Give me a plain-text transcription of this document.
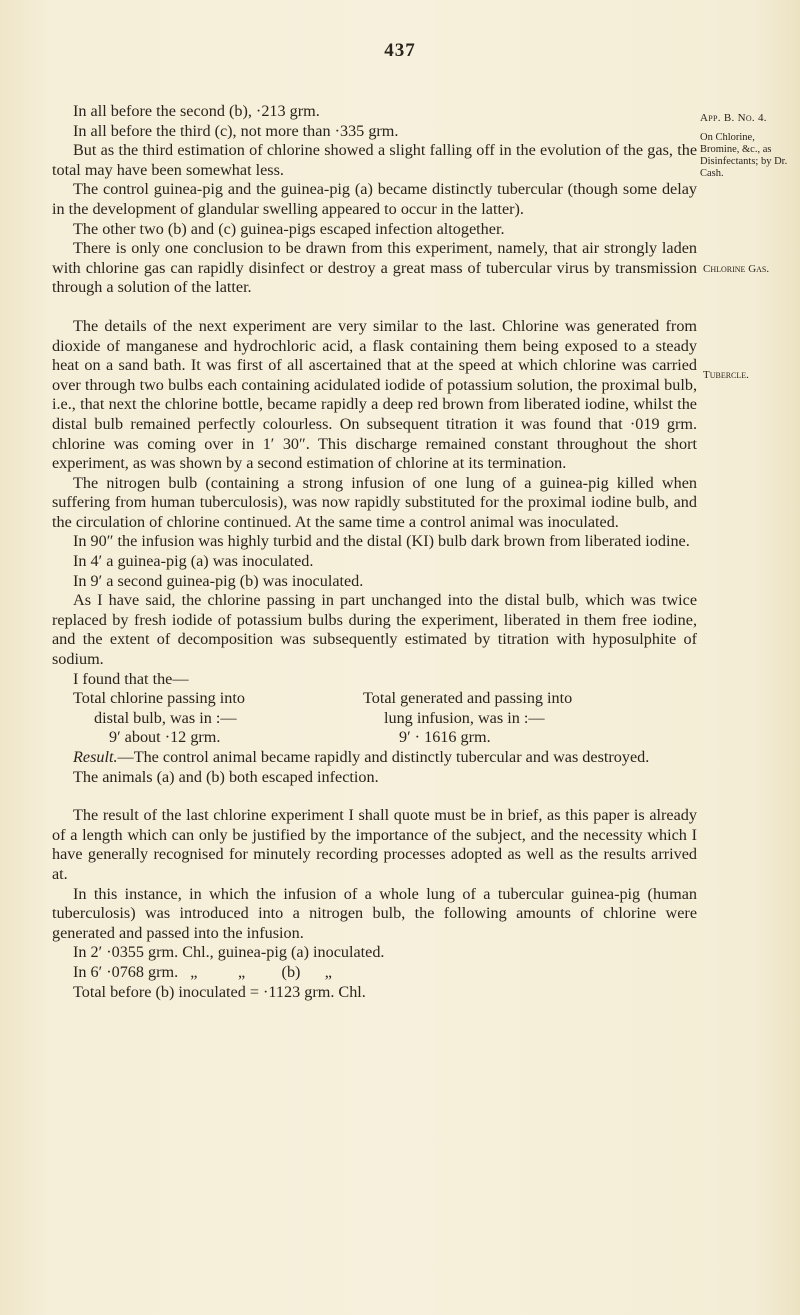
437

In all before the second (b), ·213 grm.

In all before the third (c), not more than ·335 grm.

But as the third estimation of chlorine showed a slight falling off in the evolution of the gas, the total may have been somewhat less.

The control guinea-pig and the guinea-pig (a) became distinctly tubercular (though some delay in the development of glandular swelling appeared to occur in the latter).

The other two (b) and (c) guinea-pigs escaped infection altogether.

There is only one conclusion to be drawn from this experiment, namely, that air strongly laden with chlorine gas can rapidly disinfect or destroy a great mass of tubercular virus by transmission through a solution of the latter.

The details of the next experiment are very similar to the last. Chlorine was generated from dioxide of manganese and hydrochloric acid, a flask containing them being exposed to a steady heat on a sand bath. It was first of all ascertained that at the speed at which chlorine was carried over through two bulbs each containing acidulated iodide of potassium solution, the proximal bulb, i.e., that next the chlorine bottle, became rapidly a deep red brown from liberated iodine, whilst the distal bulb remained perfectly colourless. On subsequent titration it was found that ·019 grm. chlorine was coming over in 1′ 30″. This discharge remained constant throughout the short experiment, as was shown by a second estimation of chlorine at its termination.

The nitrogen bulb (containing a strong infusion of one lung of a guinea-pig killed when suffering from human tuberculosis), was now rapidly substituted for the proximal iodine bulb, and the circulation of chlorine continued. At the same time a control animal was inoculated.

In 90″ the infusion was highly turbid and the distal (KI) bulb dark brown from liberated iodine.

In 4′ a guinea-pig (a) was inoculated.

In 9′ a second guinea-pig (b) was inoculated.

As I have said, the chlorine passing in part unchanged into the distal bulb, which was twice replaced by fresh iodide of potassium bulbs during the experiment, liberated in them free iodine, and the extent of decomposition was subsequently estimated by titration with hyposulphite of sodium.

I found that the—

Total chlorine passing into
distal bulb, was in :—
9′ about ·12 grm.
Total generated and passing into
lung infusion, was in :—
9′ · 1616 grm.

Result.—The control animal became rapidly and distinctly tubercular and was destroyed.

The animals (a) and (b) both escaped infection.

The result of the last chlorine experiment I shall quote must be in brief, as this paper is already of a length which can only be justified by the importance of the subject, and the necessity which I have generally recognised for minutely recording processes adopted as well as the results arrived at.

In this instance, in which the infusion of a whole lung of a tubercular guinea-pig (human tuberculosis) was introduced into a nitrogen bulb, the following amounts of chlorine were generated and passed into the infusion.

In 2′ ·0355 grm. Chl., guinea-pig (a) inoculated.
In 6′ ·0768 grm.   „          „         (b)      „
Total before (b) inoculated = ·1123 grm. Chl.
App. B. No. 4.
On Chlorine, Bromine, &c., as Disinfectants; by Dr. Cash.
Chlorine Gas.
Tubercle.
